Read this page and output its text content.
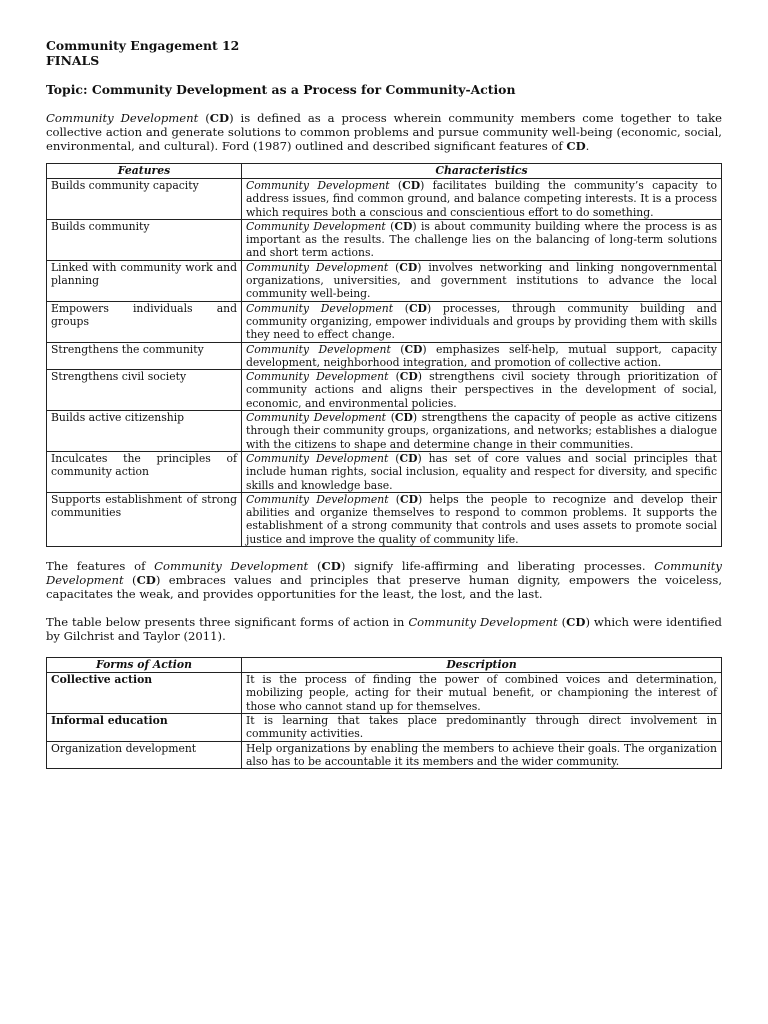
Community Engagement 12
FINALS
Topic: Community Development as a Process for Community-Action

Community Development (CD) is defined as a process wherein community members come together to take collective action and generate solutions to common problems and pursue community well-being (economic, social, environmental, and cultural). Ford (1987) outlined and described significant features of CD.

Features	Characteristics
Builds community capacity	Community Development (CD) facilitates building the community’s capacity to address issues, find common ground, and balance competing interests. It is a process which requires both a conscious and conscientious effort to do something.
Builds community	Community Development (CD) is about community building where the process is as important as the results. The challenge lies on the balancing of long-term solutions and short term actions.
Linked with community work and planning	Community Development (CD) involves networking and linking nongovernmental organizations, universities, and government institutions to advance the local community well-being.
Empowers individuals and groups	Community Development (CD) processes, through community building and community organizing, empower individuals and groups by providing them with skills they need to effect change.
Strengthens the community	Community Development (CD) emphasizes self-help, mutual support, capacity development, neighborhood integration, and promotion of collective action.
Strengthens civil society	Community Development (CD) strengthens civil society through prioritization of community actions and aligns their perspectives in the development of social, economic, and environmental policies.
Builds active citizenship	Community Development (CD) strengthens the capacity of people as active citizens through their community groups, organizations, and networks; establishes a dialogue with the citizens to shape and determine change in their communities.
Inculcates the principles of community action	Community Development (CD) has set of core values and social principles that include human rights, social inclusion, equality and respect for diversity, and specific skills and knowledge base.
Supports establishment of strong communities	Community Development (CD) helps the people to recognize and develop their abilities and organize themselves to respond to common problems. It supports the establishment of a strong community that controls and uses assets to promote social justice and improve the quality of community life.

The features of Community Development (CD) signify life-affirming and liberating processes. Community Development (CD) embraces values and principles that preserve human dignity, empowers the voiceless, capacitates the weak, and provides opportunities for the least, the lost, and the last.

The table below presents three significant forms of action in Community Development (CD) which were identified by Gilchrist and Taylor (2011).

Forms of Action	Description
Collective action	It is the process of finding the power of combined voices and determination, mobilizing people, acting for their mutual benefit, or championing the interest of those who cannot stand up for themselves.
Informal education	It is learning that takes place predominantly through direct involvement in community activities.
Organization development	Help organizations by enabling the members to achieve their goals. The organization also has to be accountable it its members and the wider community.
